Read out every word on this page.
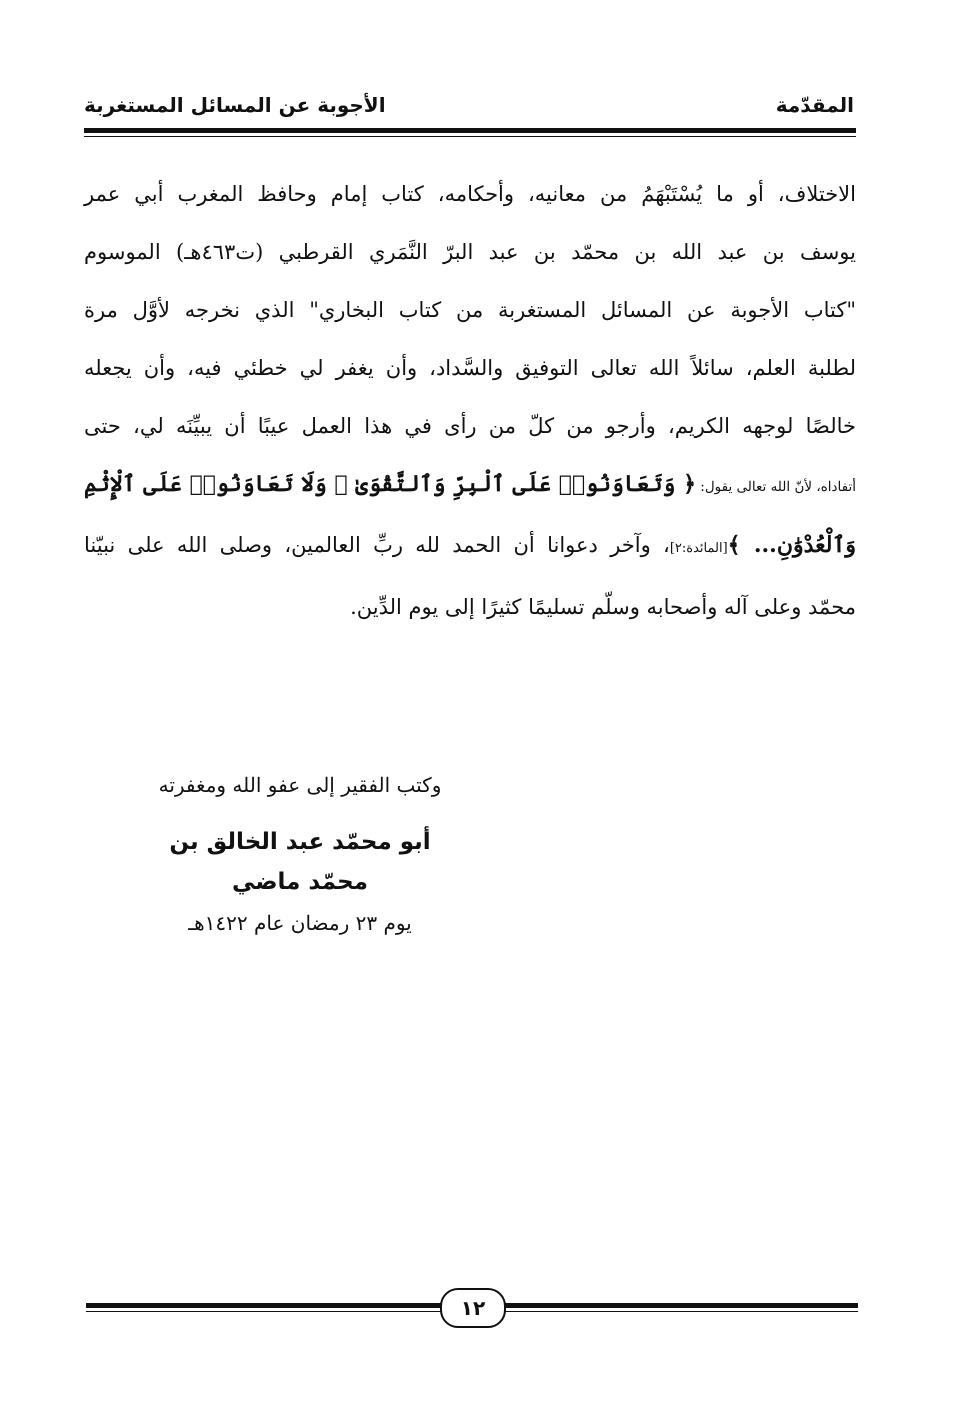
المقدّمة
الأجوبة عن المسائل المستغربة

الاختلاف، أو ما يُسْتَبْهَمُ من معانيه، وأحكامه، كتاب إمام وحافظ المغرب أبي عمر

يوسف بن عبد الله بن محمّد بن عبد البرّ النَّمَري القرطبي (ت٤٦٣هـ) الموسوم

"كتاب الأجوبة عن المسائل المستغربة من كتاب البخاري" الذي نخرجه لأوَّل مرة

لطلبة العلم، سائلاً الله تعالى التوفيق والسَّداد، وأن يغفر لي خطئي فيه، وأن يجعله

خالصًا لوجهه الكريم، وأرجو من كلّ من رأى في هذا العمل عيبًا أن يبيِّنَه لي، حتى

أتفاداه، لأنّ الله تعالى يقول: ﴿ وَتَعَاوَنُوا۟ عَلَى ٱلْبِرِّ وَٱلتَّقْوَىٰ ۖ وَلَا تَعَاوَنُوا۟ عَلَى ٱلْإِثْمِ

وَٱلْعُدْوَٰنِ... ﴾[المائدة:٢]، وآخر دعوانا أن الحمد لله ربِّ العالمين، وصلى الله على نبيّنا

محمّد وعلى آله وأصحابه وسلّم تسليمًا كثيرًا إلى يوم الدِّين.

وكتب الفقير إلى عفو الله ومغفرته
أبو محمّد عبد الخالق بن محمّد ماضي
يوم ٢٣ رمضان عام ١٤٢٢هـ
١٢
